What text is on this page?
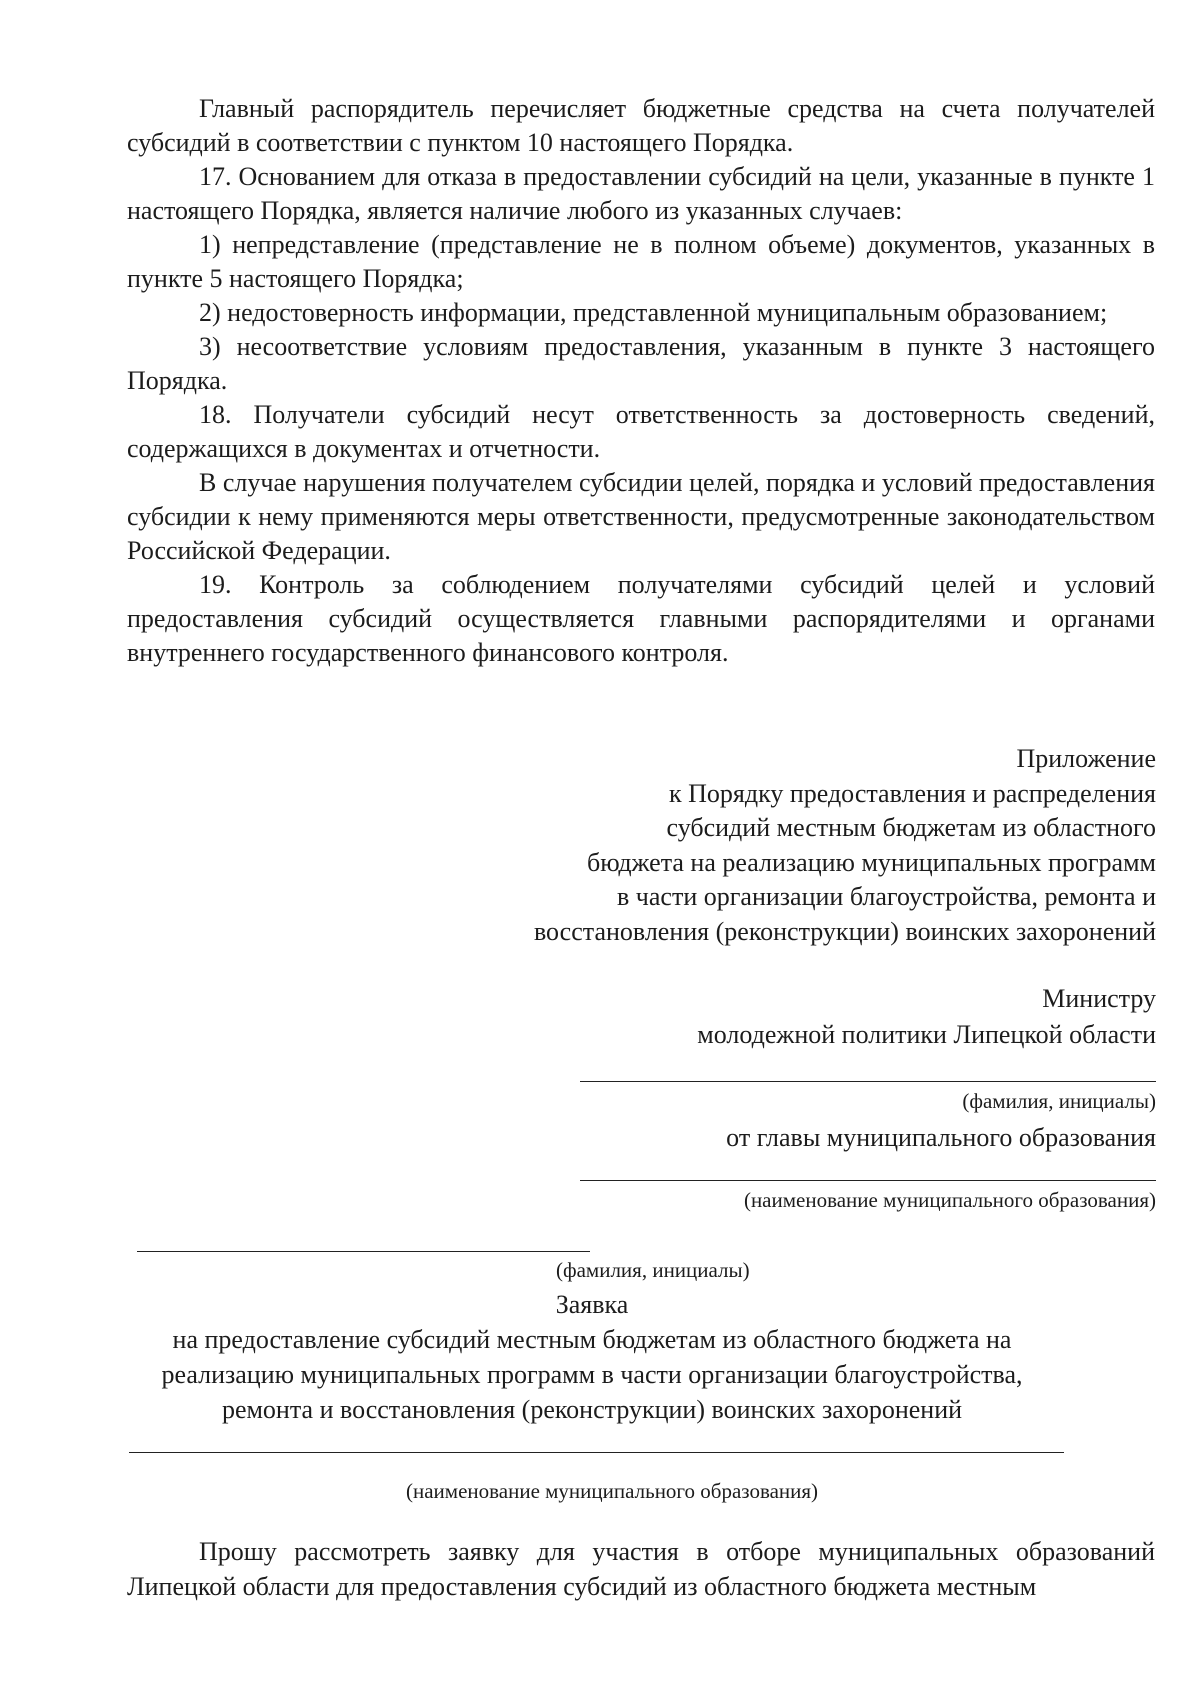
Главный распорядитель перечисляет бюджетные средства на счета получателей субсидий в соответствии с пунктом 10 настоящего Порядка.

17. Основанием для отказа в предоставлении субсидий на цели, указанные в пункте 1 настоящего Порядка, является наличие любого из указанных случаев:

1) непредставление (представление не в полном объеме) документов, указанных в пункте 5 настоящего Порядка;

2) недостоверность информации, представленной муниципальным образованием;

3) несоответствие условиям предоставления, указанным в пункте 3 настоящего Порядка.

18. Получатели субсидий несут ответственность за достоверность сведений, содержащихся в документах и отчетности.

В случае нарушения получателем субсидии целей, порядка и условий предоставления субсидии к нему применяются меры ответственности, предусмотренные законодательством Российской Федерации.

19. Контроль за соблюдением получателями субсидий целей и условий предоставления субсидий осуществляется главными распорядителями и органами внутреннего государственного финансового контроля.

Приложение
к Порядку предоставления и распределения
субсидий местным бюджетам из областного
бюджета на реализацию муниципальных программ
в части организации благоустройства, ремонта и
восстановления (реконструкции) воинских захоронений
Министру
молодежной политики Липецкой области
(фамилия, инициалы)
от главы муниципального образования
(наименование муниципального образования)
(фамилия, инициалы)
Заявка
на предоставление субсидий местным бюджетам из областного бюджета на
реализацию муниципальных программ в части организации благоустройства,
ремонта и восстановления (реконструкции) воинских захоронений
(наименование муниципального образования)

Прошу рассмотреть заявку для участия в отборе муниципальных образований Липецкой области для предоставления субсидий из областного бюджета местным
